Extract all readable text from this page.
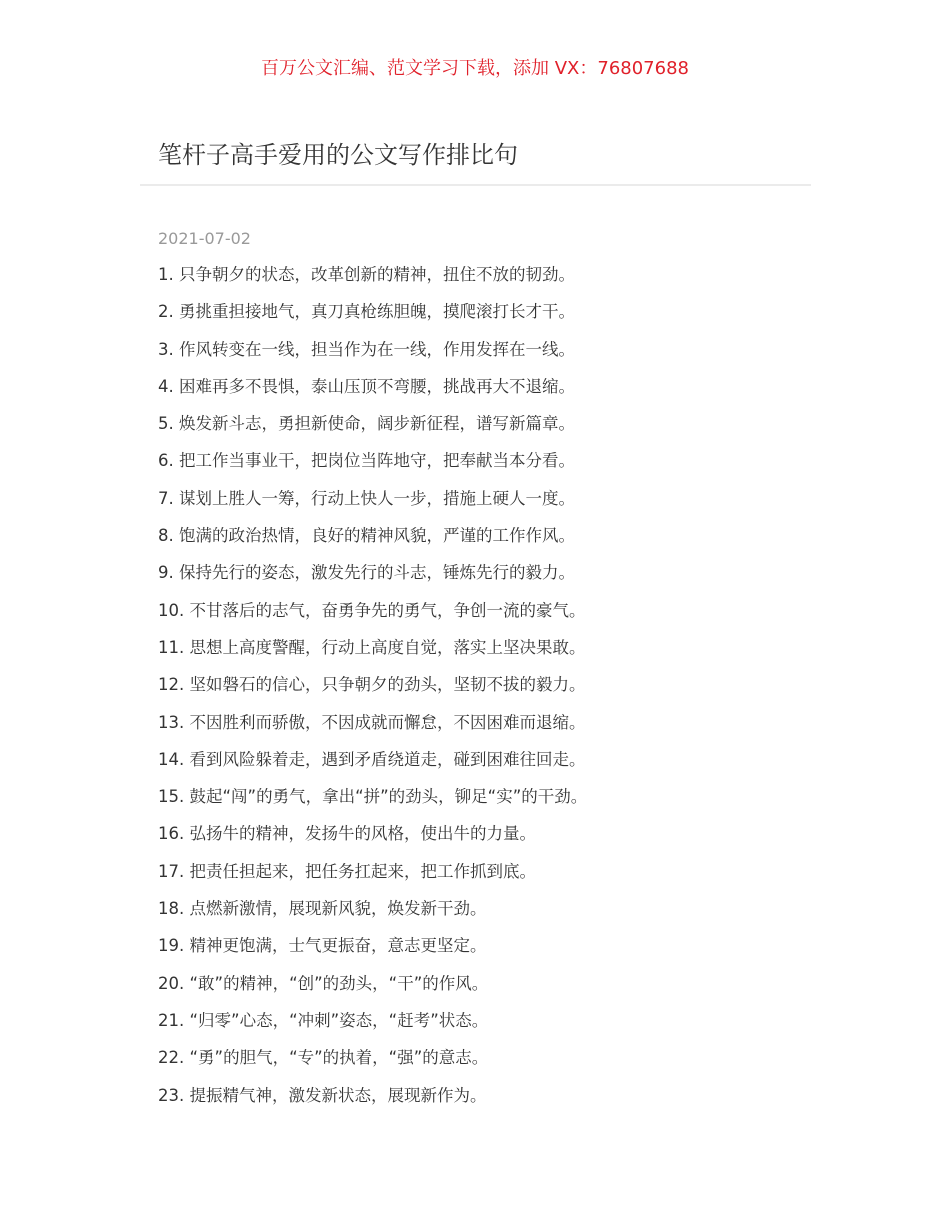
百万公文汇编、范文学习下载，添加 VX：76807688
笔杆子高手爱用的公文写作排比句
2021-07-02
1. 只争朝夕的状态，改革创新的精神，扭住不放的韧劲。
2. 勇挑重担接地气，真刀真枪练胆魄，摸爬滚打长才干。
3. 作风转变在一线，担当作为在一线，作用发挥在一线。
4. 困难再多不畏惧，泰山压顶不弯腰，挑战再大不退缩。
5. 焕发新斗志，勇担新使命，阔步新征程，谱写新篇章。
6. 把工作当事业干，把岗位当阵地守，把奉献当本分看。
7. 谋划上胜人一筹，行动上快人一步，措施上硬人一度。
8. 饱满的政治热情，良好的精神风貌，严谨的工作作风。
9. 保持先行的姿态，激发先行的斗志，锤炼先行的毅力。
10. 不甘落后的志气，奋勇争先的勇气，争创一流的豪气。
11. 思想上高度警醒，行动上高度自觉，落实上坚决果敢。
12. 坚如磐石的信心，只争朝夕的劲头，坚韧不拔的毅力。
13. 不因胜利而骄傲，不因成就而懈怠，不因困难而退缩。
14. 看到风险躲着走，遇到矛盾绕道走，碰到困难往回走。
15. 鼓起“闯”的勇气，拿出“拼”的劲头，铆足“实”的干劲。
16. 弘扬牛的精神，发扬牛的风格，使出牛的力量。
17. 把责任担起来，把任务扛起来，把工作抓到底。
18. 点燃新激情，展现新风貌，焕发新干劲。
19. 精神更饱满，士气更振奋，意志更坚定。
20. “敢”的精神，“创”的劲头，“干”的作风。
21. “归零”心态，“冲刺”姿态，“赶考”状态。
22. “勇”的胆气，“专”的执着，“强”的意志。
23. 提振精气神，激发新状态，展现新作为。
